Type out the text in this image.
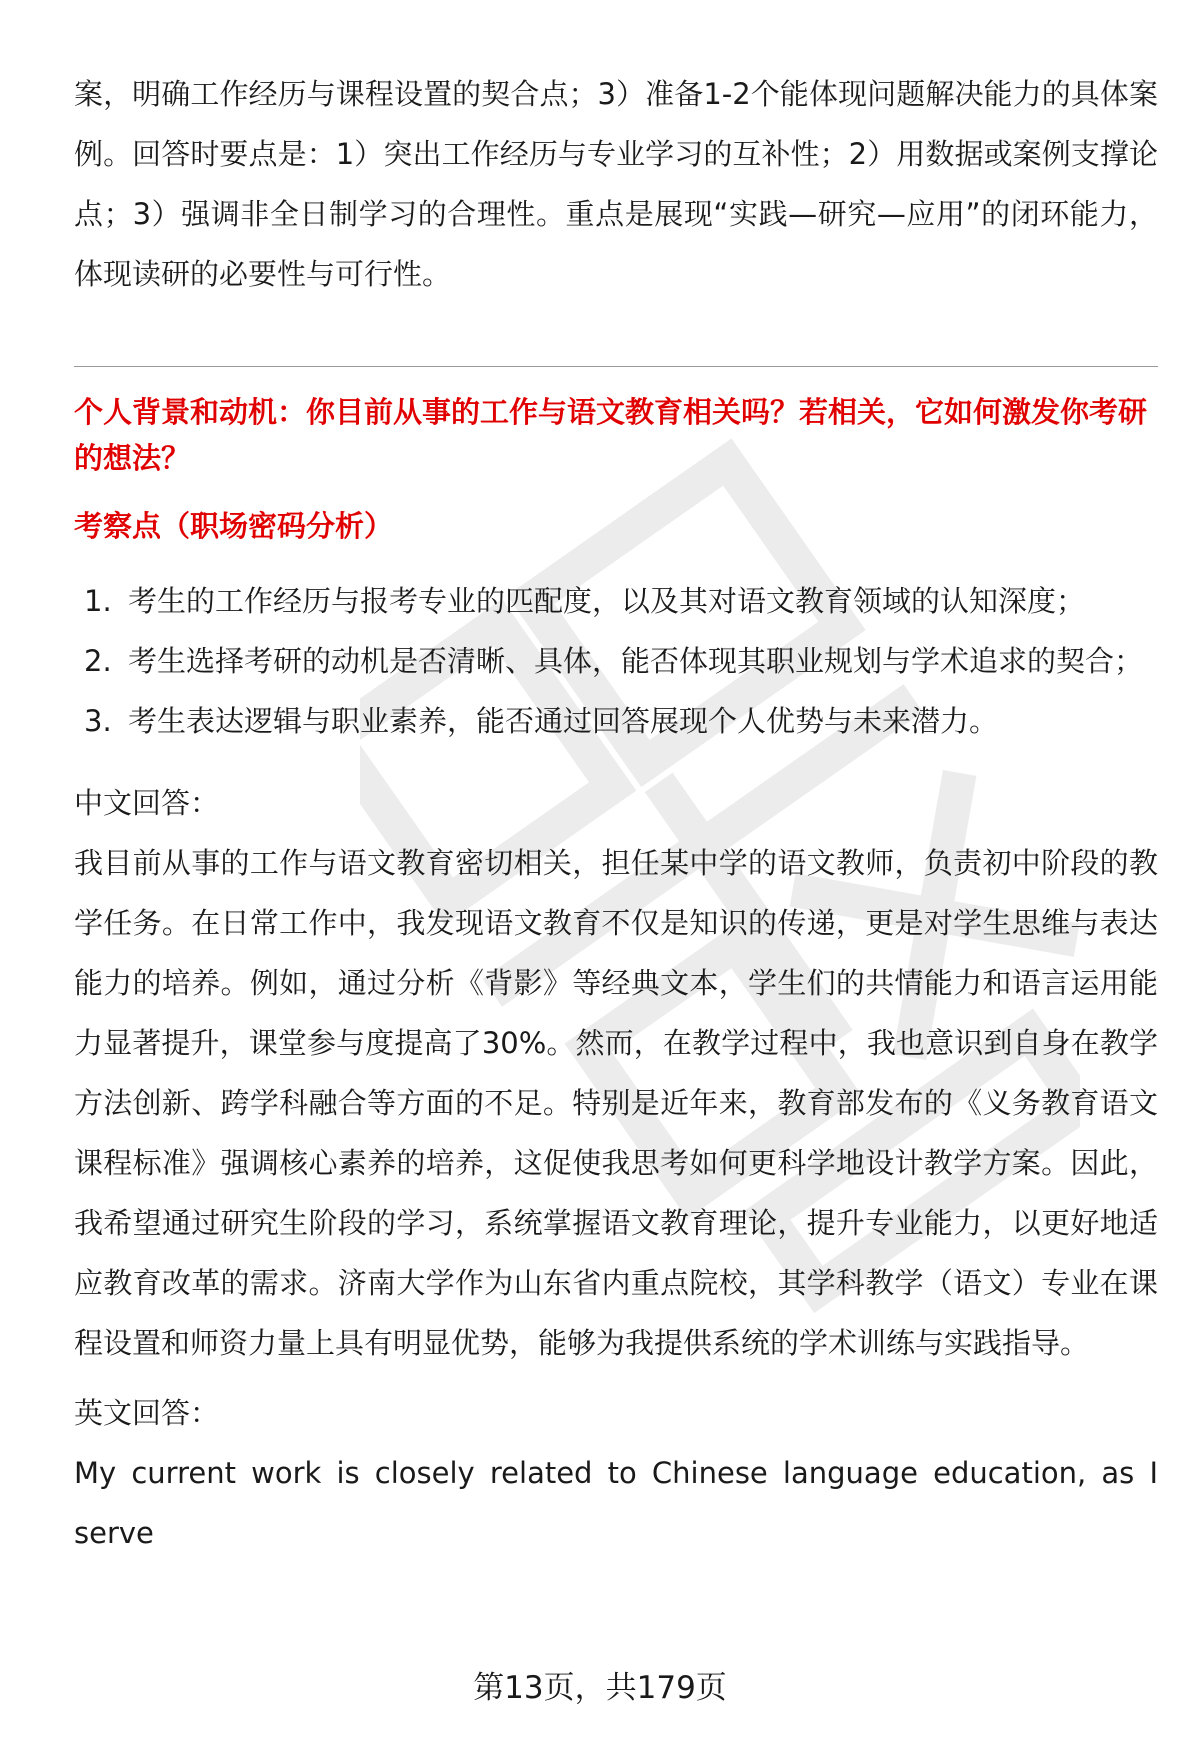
案，明确工作经历与课程设置的契合点；3）准备1-2个能体现问题解决能力的具体案例。回答时要点是：1）突出工作经历与专业学习的互补性；2）用数据或案例支撑论点；3）强调非全日制学习的合理性。重点是展现“实践—研究—应用”的闭环能力，体现读研的必要性与可行性。

个人背景和动机：你目前从事的工作与语文教育相关吗？若相关，它如何激发你考研的想法？

考察点（职场密码分析）

1. 考生的工作经历与报考专业的匹配度，以及其对语文教育领域的认知深度；
2. 考生选择考研的动机是否清晰、具体，能否体现其职业规划与学术追求的契合；
3. 考生表达逻辑与职业素养，能否通过回答展现个人优势与未来潜力。

中文回答：

我目前从事的工作与语文教育密切相关，担任某中学的语文教师，负责初中阶段的教学任务。在日常工作中，我发现语文教育不仅是知识的传递，更是对学生思维与表达能力的培养。例如，通过分析《背影》等经典文本，学生们的共情能力和语言运用能力显著提升，课堂参与度提高了30%。然而，在教学过程中，我也意识到自身在教学方法创新、跨学科融合等方面的不足。特别是近年来，教育部发布的《义务教育语文课程标准》强调核心素养的培养，这促使我思考如何更科学地设计教学方案。因此，我希望通过研究生阶段的学习，系统掌握语文教育理论，提升专业能力，以更好地适应教育改革的需求。济南大学作为山东省内重点院校，其学科教学（语文）专业在课程设置和师资力量上具有明显优势，能够为我提供系统的学术训练与实践指导。

英文回答：

My current work is closely related to Chinese language education, as I serve

第13页，共179页
